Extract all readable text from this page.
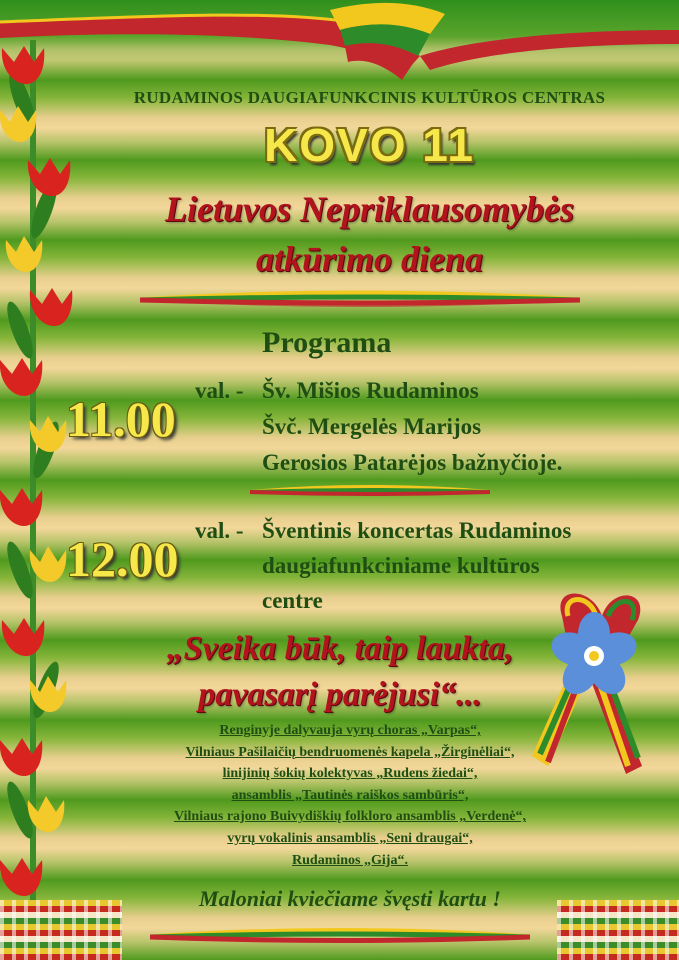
RUDAMINOS DAUGIAFUNKCINIS KULTŪROS CENTRAS
KOVO 11
Lietuvos Nepriklausomybės
atkūrimo diena
Programa
11.00
val. - Šv. Mišios Rudaminos
Švč. Mergelės Marijos
Gerosios Patarėjos bažnyčioje.
12.00
val. - Šventinis koncertas Rudaminos
daugiafunkciniame kultūros
centre
„Sveika būk, taip laukta,
pavasarį parėjusi“...
Renginyje dalyvauja vyrų choras „Varpas“,
Vilniaus Pašilaičių bendruomenės kapela „Žirginėliai“,
linijinių šokių kolektyvas „Rudens žiedai“,
ansamblis „Tautinės raiškos sambūris“,
Vilniaus rajono Buivydiškių folkloro ansamblis „Verdenė“,
vyrų vokalinis ansamblis „Seni draugai“,
Rudaminos „Gija“.
Maloniai kviečiame švęsti kartu !
